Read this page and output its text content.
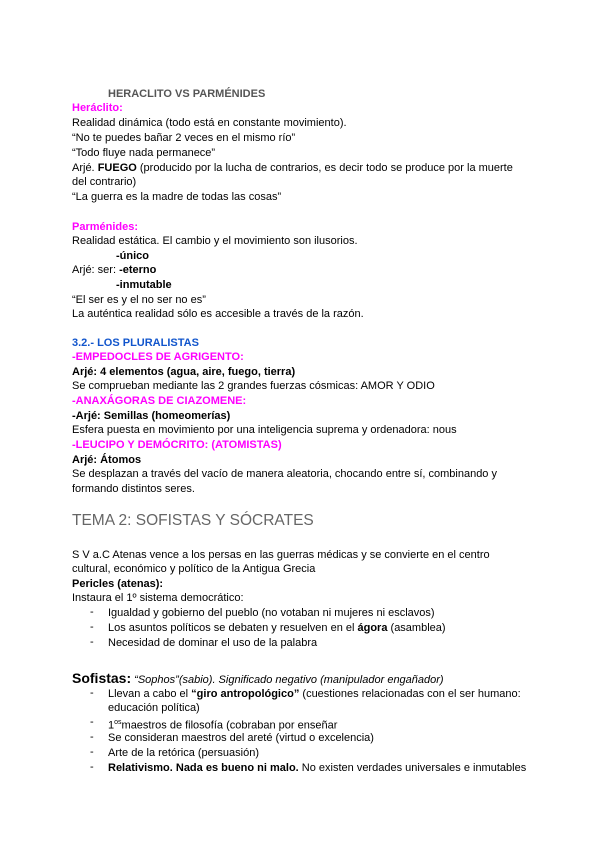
HERACLITO VS PARMÉNIDES
Heráclito:
Realidad dinámica (todo está en constante movimiento).
“No te puedes bañar 2 veces en el mismo río”
“Todo fluye nada permanece”
Arjé. FUEGO (producido por la lucha de contrarios, es decir todo se produce por la muerte
del contrario)
“La guerra es la madre de todas las cosas”
Parménides:
Realidad estática. El cambio y el movimiento son ilusorios.
-único
Arjé: ser: -eterno
-inmutable
“El ser es y el no ser no es”
La auténtica realidad sólo es accesible a través de la razón.
3.2.- LOS PLURALISTAS
-EMPEDOCLES DE AGRIGENTO:
Arjé: 4 elementos (agua, aire, fuego, tierra)
Se comprueban mediante las 2 grandes fuerzas cósmicas: AMOR Y ODIO
-ANAXÁGORAS DE CIAZOMENE:
-Arjé: Semillas (homeomerías)
Esfera puesta en movimiento por una inteligencia suprema y ordenadora: nous
-LEUCIPO Y DEMÓCRITO: (ATOMISTAS)
Arjé: Átomos
Se desplazan a través del vacío de manera aleatoria, chocando entre sí, combinando y
formando distintos seres.
TEMA 2: SOFISTAS Y SÓCRATES
S V a.C Atenas vence a los persas en las guerras médicas y se convierte en el centro
cultural, económico y político de la Antigua Grecia
Pericles (atenas):
Instaura el 1º sistema democrático:
- Igualdad y gobierno del pueblo (no votaban ni mujeres ni esclavos)
- Los asuntos políticos se debaten y resuelven en el ágora (asamblea)
- Necesidad de dominar el uso de la palabra
Sofistas: “Sophos”(sabio). Significado negativo (manipulador engañador)
- Llevan a cabo el “giro antropológico” (cuestiones relacionadas con el ser humano:
educación política)
- $1^{os}maestros$ de filosofía (cobraban por enseñar
- Se consideran maestros del areté (virtud o excelencia)
- Arte de la retórica (persuasión)
- Relativismo. Nada es bueno ni malo. No existen verdades universales e inmutables
